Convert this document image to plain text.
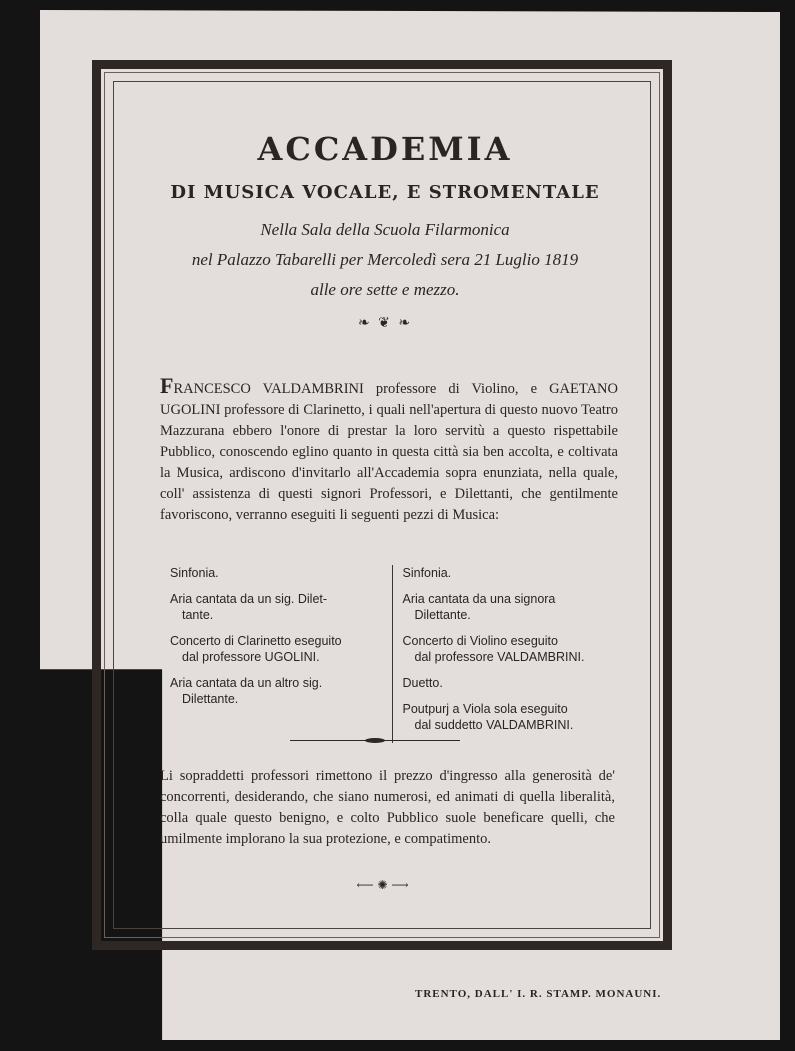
ACCADEMIA
DI MUSICA VOCALE, E STROMENTALE
Nella Sala della Scuola Filarmonica
nel Palazzo Tabarelli per Mercoledì sera 21 Luglio 1819
alle ore sette e mezzo.
❧ ❦ ❧
FRANCESCO VALDAMBRINI professore di Violino, e GAETANO UGOLINI professore di Clarinetto, i quali nell'apertura di questo nuovo Teatro Mazzurana ebbero l'onore di prestar la loro servitù a questo rispettabile Pubblico, conoscendo eglino quanto in questa città sia ben accolta, e coltivata la Musica, ardiscono d'invitarlo all'Accademia sopra enunziata, nella quale, coll' assistenza di questi signori Professori, e Dilettanti, che gentilmente favoriscono, verranno eseguiti li seguenti pezzi di Musica:
Sinfonia.
Aria cantata da un sig. Dilet-
tante.
Concerto di Clarinetto eseguito
dal professore UGOLINI.
Aria cantata da un altro sig.
Dilettante.
Sinfonia.
Aria cantata da una signora
Dilettante.
Concerto di Violino eseguito
dal professore VALDAMBRINI.
Duetto.
Poutpurj a Viola sola eseguito
dal suddetto VALDAMBRINI.
Li sopraddetti professori rimettono il prezzo d'ingresso alla generosità de' concorrenti, desiderando, che siano numerosi, ed animati di quella liberalità, colla quale questo benigno, e colto Pubblico suole beneficare quelli, che umilmente implorano la sua protezione, e compatimento.
⟵ ✺ ⟶
TRENTO, DALL' I. R. STAMP. MONAUNI.
